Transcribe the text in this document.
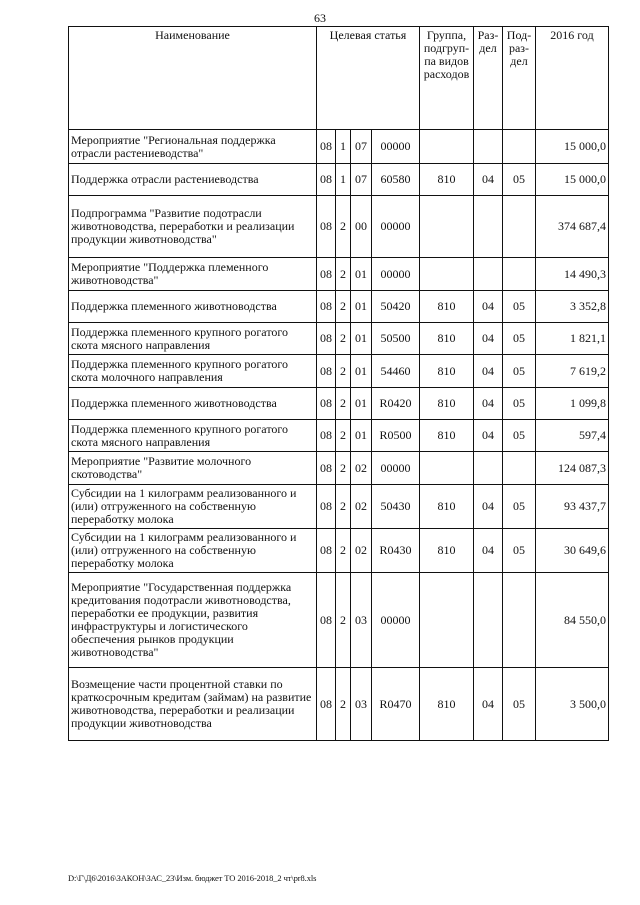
63
Наименование	Целевая статья				Группа, подгруп-па видов расходов	Раз-дел	Под-раз-дел	2016 год
Мероприятие "Региональная поддержка отрасли растениеводства"	08	1	07	00000				15 000,0
Поддержка отрасли растениеводства	08	1	07	60580	810	04	05	15 000,0
Подпрограмма "Развитие подотрасли животноводства, переработки и реализации продукции животноводства"	08	2	00	00000				374 687,4
Мероприятие "Поддержка племенного животноводства"	08	2	01	00000				14 490,3
Поддержка племенного животноводства	08	2	01	50420	810	04	05	3 352,8
Поддержка племенного крупного рогатого скота мясного направления	08	2	01	50500	810	04	05	1 821,1
Поддержка племенного крупного рогатого скота молочного направления	08	2	01	54460	810	04	05	7 619,2
Поддержка племенного животноводства	08	2	01	R0420	810	04	05	1 099,8
Поддержка племенного крупного рогатого скота мясного направления	08	2	01	R0500	810	04	05	597,4
Мероприятие "Развитие молочного скотоводства"	08	2	02	00000				124 087,3
Субсидии на 1 килограмм реализованного и (или) отгруженного на собственную переработку молока	08	2	02	50430	810	04	05	93 437,7
Субсидии на 1 килограмм реализованного и (или) отгруженного на собственную переработку молока	08	2	02	R0430	810	04	05	30 649,6
Мероприятие "Государственная поддержка кредитования подотрасли животноводства, переработки ее продукции, развития инфраструктуры и логистического обеспечения рынков продукции животноводства"	08	2	03	00000				84 550,0
Возмещение части процентной ставки по краткосрочным кредитам (займам) на развитие животноводства, переработки и реализации продукции животноводства	08	2	03	R0470	810	04	05	3 500,0
D:\Г\Д6\2016\ЗАКОН\ЗАС_23\Изм. бюджет ТО 2016-2018_2 чт\pr8.xls
